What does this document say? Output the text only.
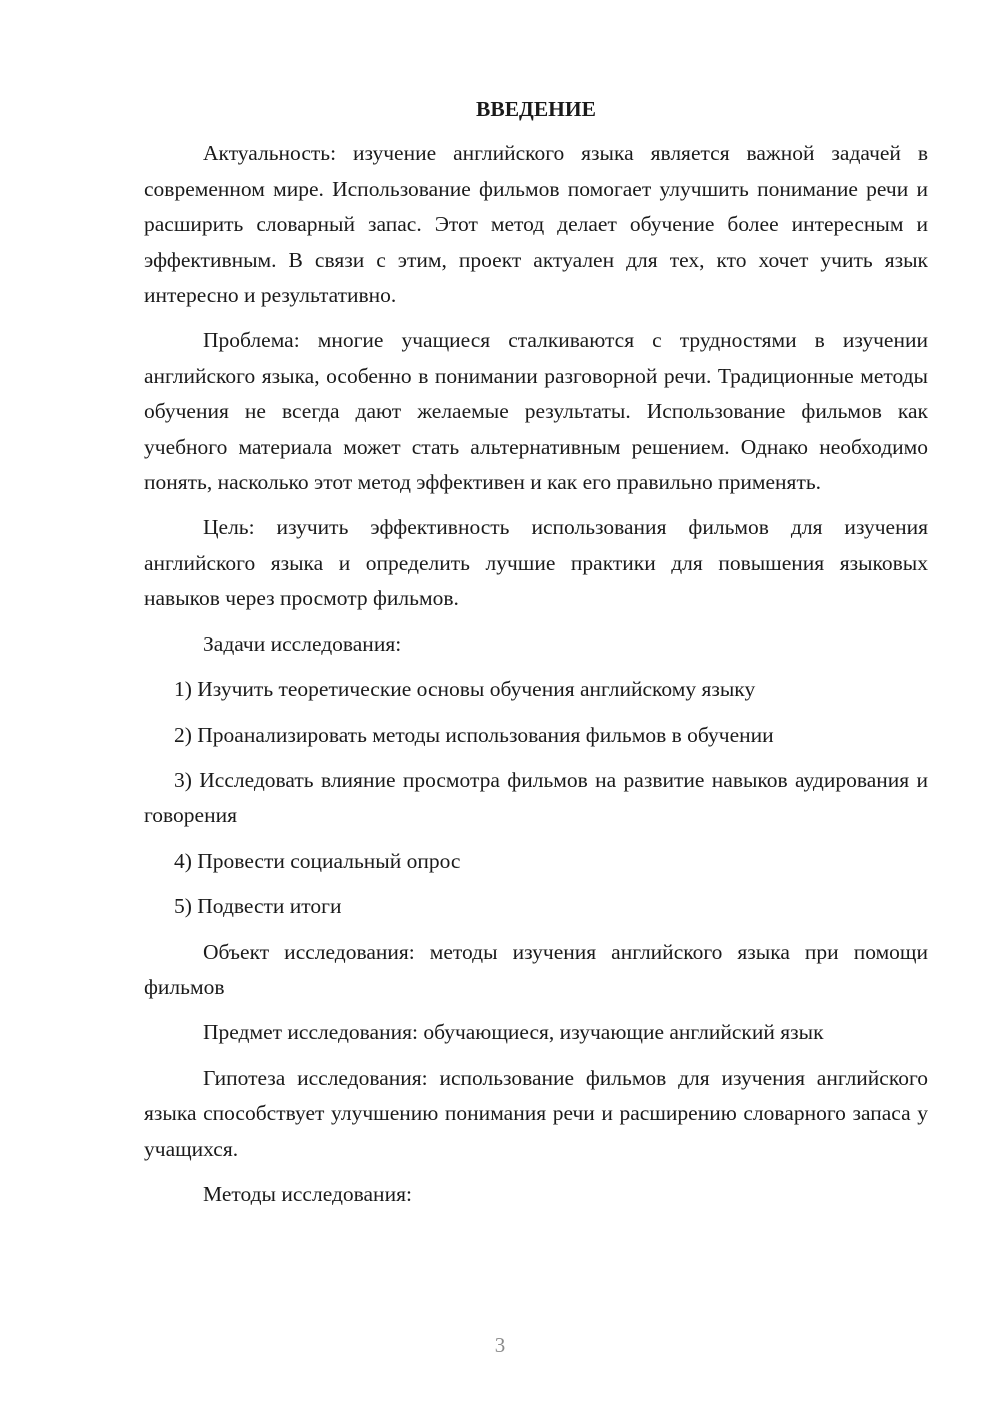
ВВЕДЕНИЕ

Актуальность: изучение английского языка является важной задачей в современном мире. Использование фильмов помогает улучшить понимание речи и расширить словарный запас. Этот метод делает обучение более интересным и эффективным. В связи с этим, проект актуален для тех, кто хочет учить язык интересно и результативно.

Проблема: многие учащиеся сталкиваются с трудностями в изучении английского языка, особенно в понимании разговорной речи. Традиционные методы обучения не всегда дают желаемые результаты. Использование фильмов как учебного материала может стать альтернативным решением. Однако необходимо понять, насколько этот метод эффективен и как его правильно применять.

Цель: изучить эффективность использования фильмов для изучения английского языка и определить лучшие практики для повышения языковых навыков через просмотр фильмов.

Задачи исследования:

1) Изучить теоретические основы обучения английскому языку

2) Проанализировать методы использования фильмов в обучении

3) Исследовать влияние просмотра фильмов на развитие навыков аудирования и говорения

4) Провести социальный опрос

5) Подвести итоги

Объект исследования: методы изучения английского языка при помощи фильмов

Предмет исследования: обучающиеся, изучающие английский язык

Гипотеза исследования: использование фильмов для изучения английского языка способствует улучшению понимания речи и расширению словарного запаса у учащихся.

Методы исследования:

3
